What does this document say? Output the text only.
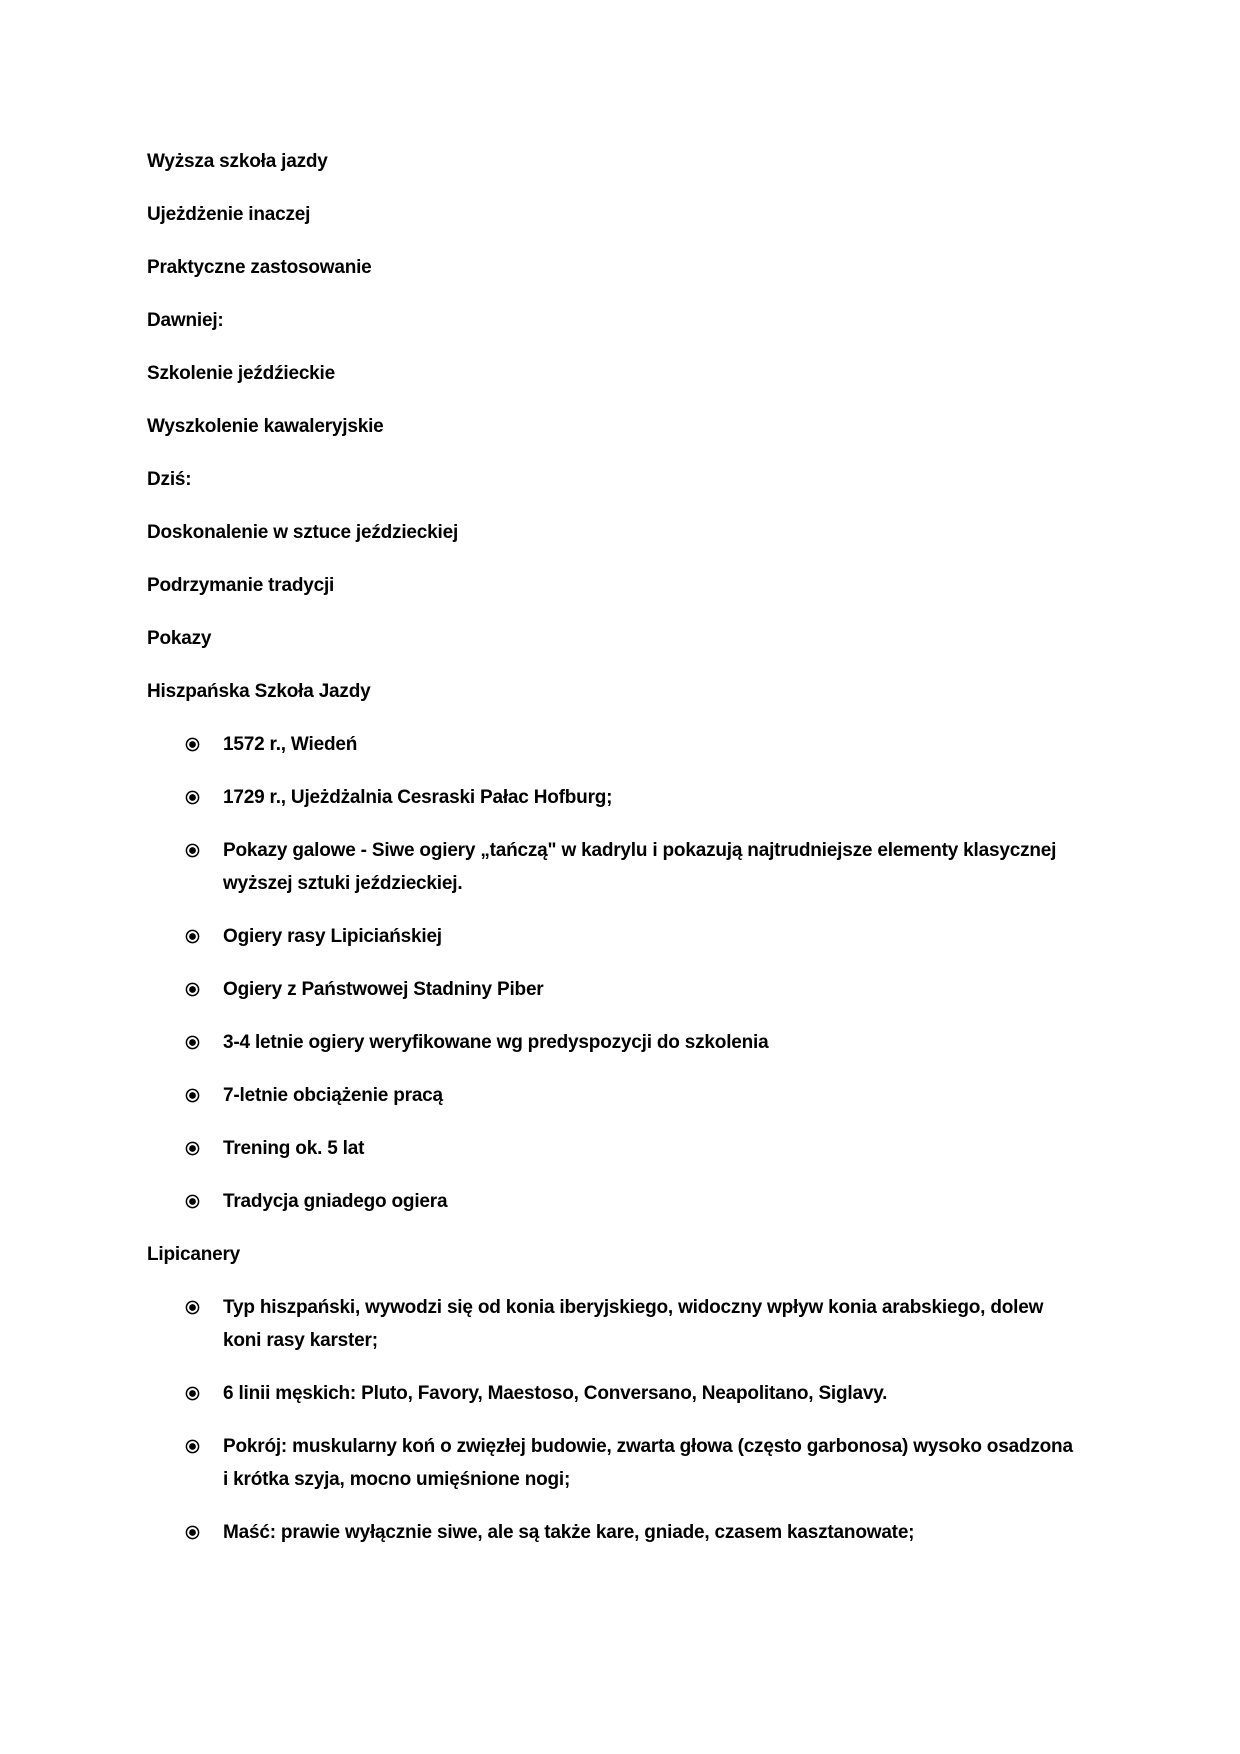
Wyższa szkoła jazdy

Ujeżdżenie inaczej

Praktyczne zastosowanie

Dawniej:

Szkolenie jeźdźieckie

Wyszkolenie kawaleryjskie

Dziś:

Doskonalenie w sztuce jeździeckiej

Podrzymanie tradycji

Pokazy

Hiszpańska Szkoła Jazdy

1572 r., Wiedeń
1729 r., Ujeżdżalnia Cesraski Pałac Hofburg;
Pokazy galowe - Siwe ogiery „tańczą" w kadrylu i pokazują najtrudniejsze elementy klasycznej wyższej sztuki jeździeckiej.
Ogiery rasy Lipiciańskiej
Ogiery z Państwowej Stadniny Piber
3-4 letnie ogiery weryfikowane wg predyspozycji do szkolenia
7-letnie obciążenie pracą
Trening ok. 5 lat
Tradycja gniadego ogiera

Lipicanery

Typ hiszpański, wywodzi się od konia iberyjskiego, widoczny wpływ konia arabskiego, dolew koni rasy karster;
6 linii męskich: Pluto, Favory, Maestoso, Conversano, Neapolitano, Siglavy.
Pokrój: muskularny koń o zwięzłej budowie, zwarta głowa (często garbonosa) wysoko osadzona i krótka szyja, mocno umięśnione nogi;
Maść: prawie wyłącznie siwe, ale są także kare, gniade, czasem kasztanowate;
